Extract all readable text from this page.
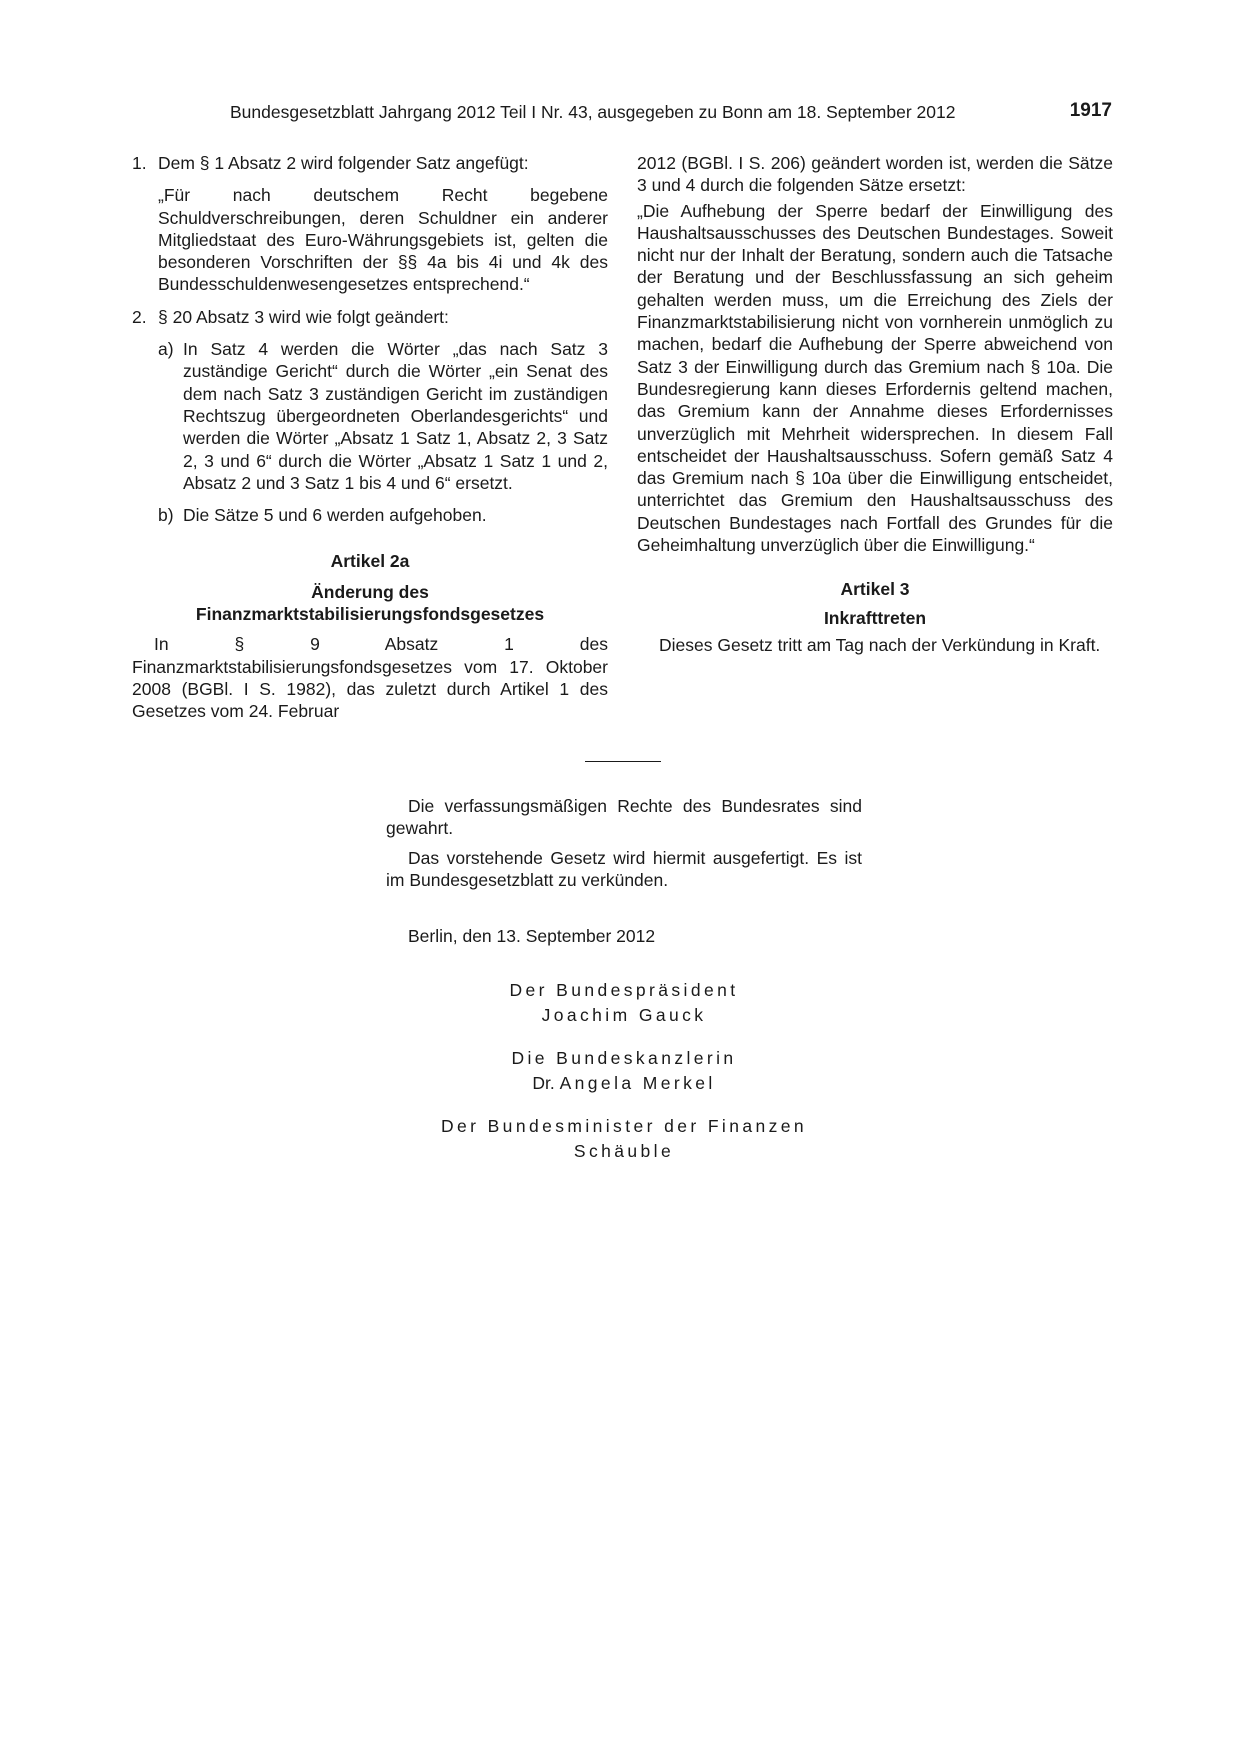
Bundesgesetzblatt Jahrgang 2012 Teil I Nr. 43, ausgegeben zu Bonn am 18. September 2012	1917

1. Dem § 1 Absatz 2 wird folgender Satz angefügt:

„Für nach deutschem Recht begebene Schuldverschreibungen, deren Schuldner ein anderer Mitgliedstaat des Euro-Währungsgebiets ist, gelten die besonderen Vorschriften der §§ 4a bis 4i und 4k des Bundesschuldenwesengesetzes entsprechend.“

2. § 20 Absatz 3 wird wie folgt geändert:

a) In Satz 4 werden die Wörter „das nach Satz 3 zuständige Gericht“ durch die Wörter „ein Senat des dem nach Satz 3 zuständigen Gericht im zuständigen Rechtszug übergeordneten Oberlandesgerichts“ und werden die Wörter „Absatz 1 Satz 1, Absatz 2, 3 Satz 2, 3 und 6“ durch die Wörter „Absatz 1 Satz 1 und 2, Absatz 2 und 3 Satz 1 bis 4 und 6“ ersetzt.

b) Die Sätze 5 und 6 werden aufgehoben.

Artikel 2a

Änderung des

Finanzmarktstabilisierungsfondsgesetzes

In § 9 Absatz 1 des Finanzmarktstabilisierungsfondsgesetzes vom 17. Oktober 2008 (BGBl. I S. 1982), das zuletzt durch Artikel 1 des Gesetzes vom 24. Februar

2012 (BGBl. I S. 206) geändert worden ist, werden die Sätze 3 und 4 durch die folgenden Sätze ersetzt:

„Die Aufhebung der Sperre bedarf der Einwilligung des Haushaltsausschusses des Deutschen Bundestages. Soweit nicht nur der Inhalt der Beratung, sondern auch die Tatsache der Beratung und der Beschlussfassung an sich geheim gehalten werden muss, um die Erreichung des Ziels der Finanzmarktstabilisierung nicht von vornherein unmöglich zu machen, bedarf die Aufhebung der Sperre abweichend von Satz 3 der Einwilligung durch das Gremium nach § 10a. Die Bundesregierung kann dieses Erfordernis geltend machen, das Gremium kann der Annahme dieses Erfordernisses unverzüglich mit Mehrheit widersprechen. In diesem Fall entscheidet der Haushaltsausschuss. Sofern gemäß Satz 4 das Gremium nach § 10a über die Einwilligung entscheidet, unterrichtet das Gremium den Haushaltsausschuss des Deutschen Bundestages nach Fortfall des Grundes für die Geheimhaltung unverzüglich über die Einwilligung.“

Artikel 3

Inkrafttreten

Dieses Gesetz tritt am Tag nach der Verkündung in Kraft.

Die verfassungsmäßigen Rechte des Bundesrates sind gewahrt.

Das vorstehende Gesetz wird hiermit ausgefertigt. Es ist im Bundesgesetzblatt zu verkünden.

Berlin, den 13. September 2012

Der Bundespräsident
Joachim Gauck
Die Bundeskanzlerin
Dr. Angela Merkel
Der Bundesminister der Finanzen
Schäuble
